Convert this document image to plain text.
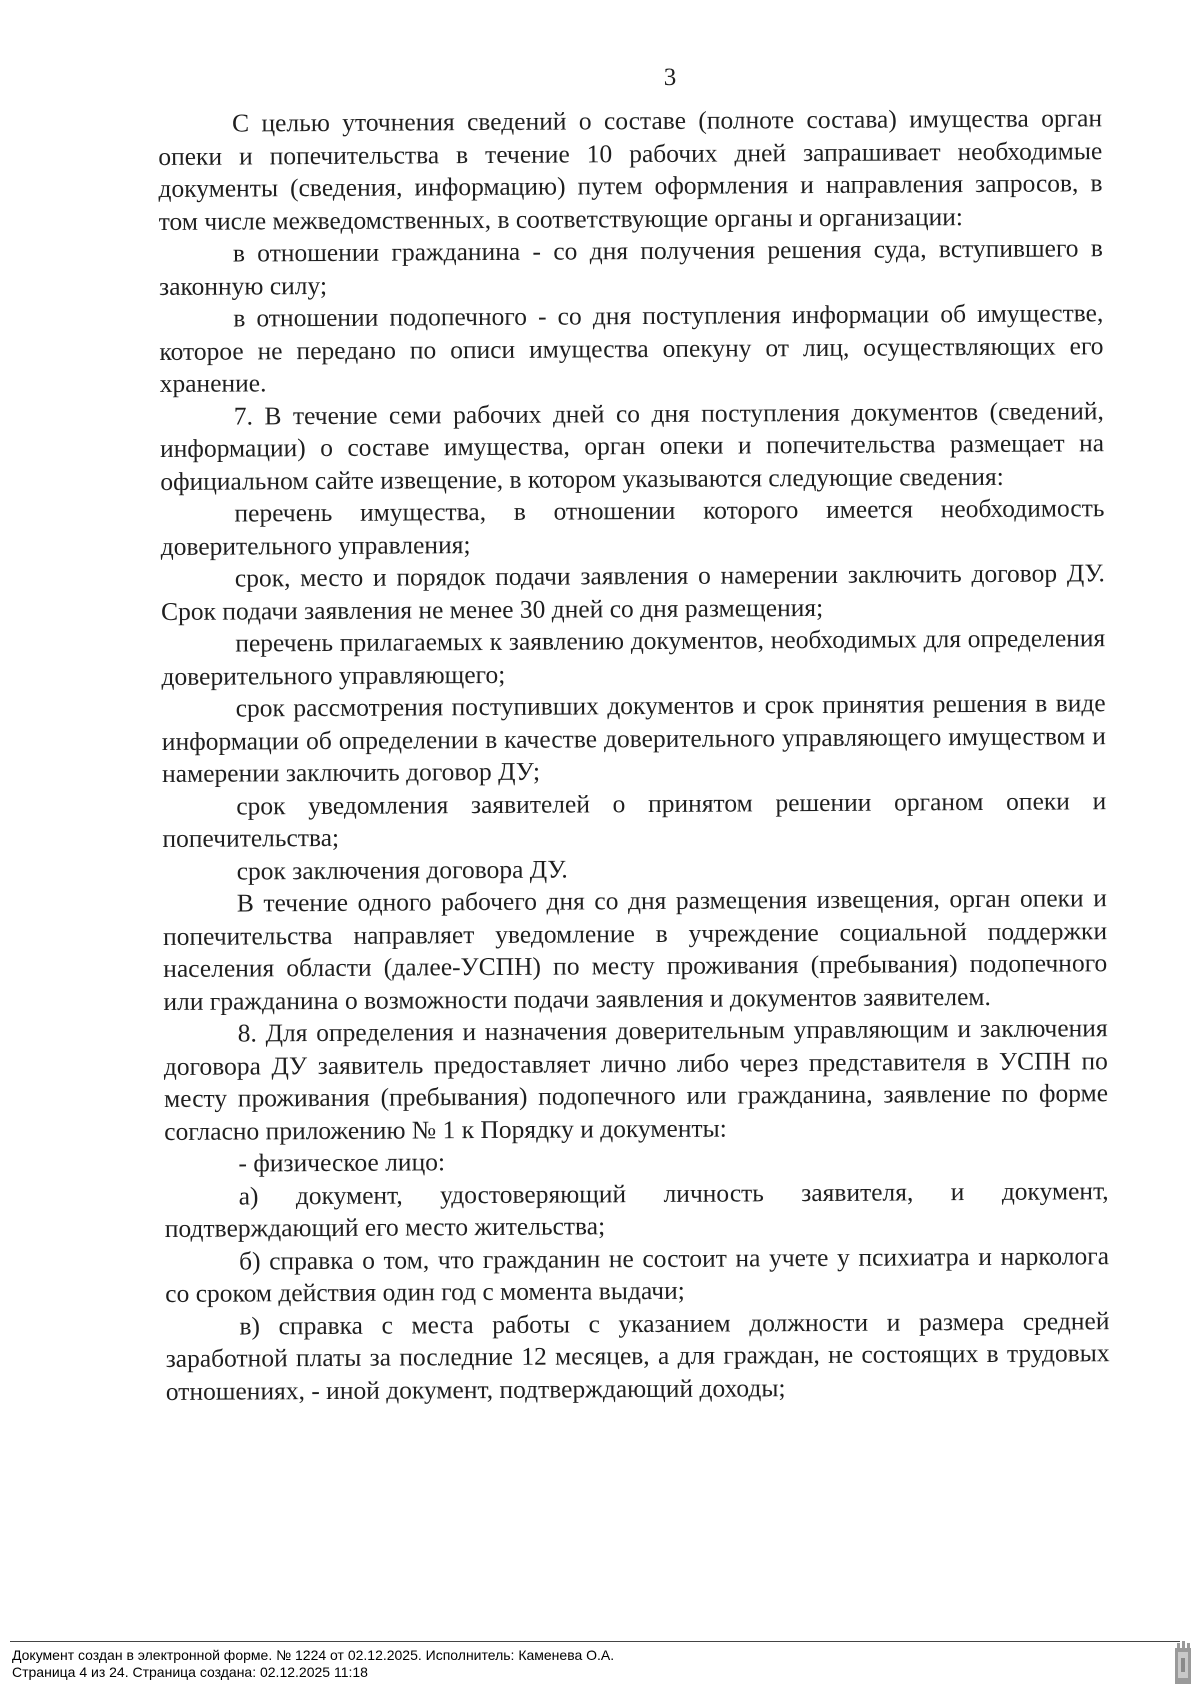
3

С целью уточнения сведений о составе (полноте состава) имущества орган опеки и попечительства в течение 10 рабочих дней запрашивает необходимые документы (сведения, информацию) путем оформления и направления запросов, в том числе межведомственных, в соответствующие органы и организации:

в отношении гражданина - со дня получения решения суда, вступившего в законную силу;

в отношении подопечного - со дня поступления информации об имуществе, которое не передано по описи имущества опекуну от лиц, осуществляющих его хранение.

7. В течение семи рабочих дней со дня поступления документов (сведений, информации) о составе имущества, орган опеки и попечительства размещает на официальном сайте извещение, в котором указываются следующие сведения:

перечень имущества, в отношении которого имеется необходимость доверительного управления;

срок, место и порядок подачи заявления о намерении заключить договор ДУ. Срок подачи заявления не менее 30 дней со дня размещения;

перечень прилагаемых к заявлению документов, необходимых для определения доверительного управляющего;

срок рассмотрения поступивших документов и срок принятия решения в виде информации об определении в качестве доверительного управляющего имуществом и намерении заключить договор ДУ;

срок уведомления заявителей о принятом решении органом опеки и попечительства;

срок заключения договора ДУ.

В течение одного рабочего дня со дня размещения извещения, орган опеки и попечительства направляет уведомление в учреждение социальной поддержки населения области (далее-УСПН) по месту проживания (пребывания) подопечного или гражданина о возможности подачи заявления и документов заявителем.

8. Для определения и назначения доверительным управляющим и заключения договора ДУ заявитель предоставляет лично либо через представителя в УСПН по месту проживания (пребывания) подопечного или гражданина, заявление по форме согласно приложению № 1 к Порядку и документы:

- физическое лицо:

а) документ, удостоверяющий личность заявителя, и документ, подтверждающий его место жительства;

б) справка о том, что гражданин не состоит на учете у психиатра и нарколога со сроком действия один год с момента выдачи;

в) справка с места работы с указанием должности и размера средней заработной платы за последние 12 месяцев, а для граждан, не состоящих в трудовых отношениях, - иной документ, подтверждающий доходы;

Документ создан в электронной форме. № 1224 от 02.12.2025. Исполнитель: Каменева О.А.
Страница 4 из 24. Страница создана: 02.12.2025 11:18
